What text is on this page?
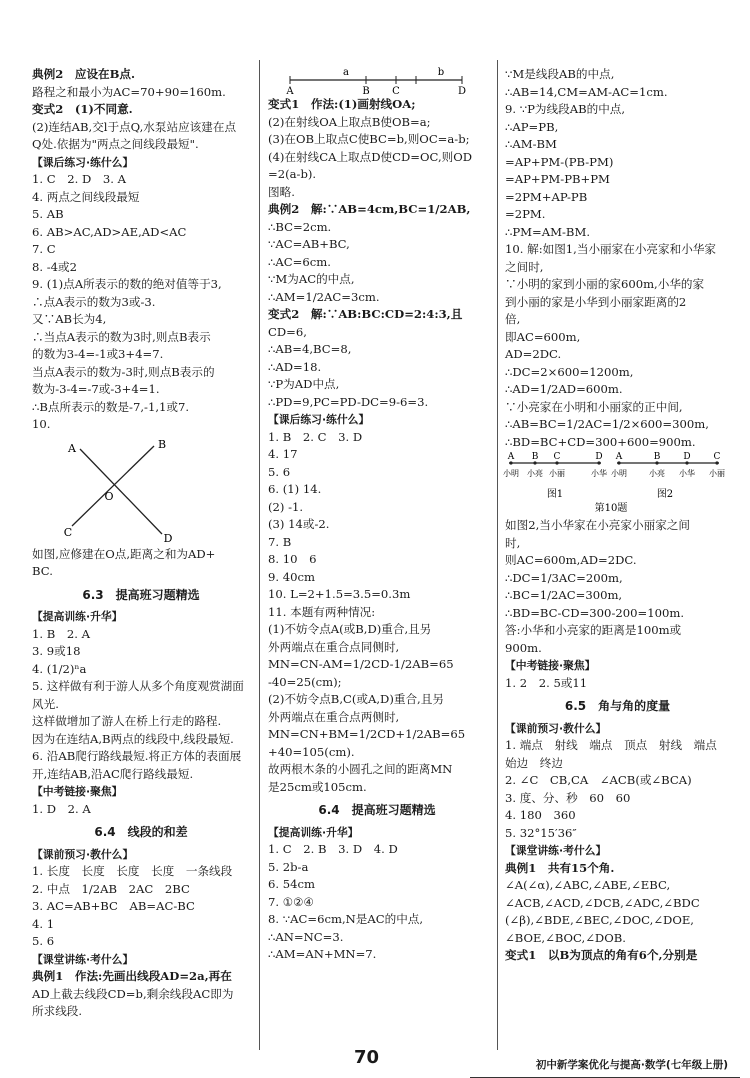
典例2　应设在B点.
路程之和最小为AC=70+90=160m.
变式2　(1)不同意.
(2)连结AB,交l于点Q,水泵站应该建在点
Q处.依据为"两点之间线段最短".
【课后练习·练什么】
1. C　2. D　3. A
4. 两点之间线段最短
5. AB
6. AB>AC,AD>AE,AD<AC
7. C
8. -4或2
9. (1)点A所表示的数的绝对值等于3,
∴点A表示的数为3或-3.
又∵AB长为4,
∴当点A表示的数为3时,则点B表示
的数为3-4=-1或3+4=7.
当点A表示的数为-3时,则点B表示的
数为-3-4=-7或-3+4=1.
∴B点所表示的数是-7,-1,1或7.
10.
A	B
O
C	D
如图,应修建在O点,距离之和为AD+
BC.
6.3　提高班习题精选
【提高训练·升华】
1. B　2. A
3. 9或18
4. (1/2)ⁿa
5. 这样做有利于游人从多个角度观赏湖面
风光.
这样做增加了游人在桥上行走的路程.
因为在连结A,B两点的线段中,线段最短.
6. 沿AB爬行路线最短.将正方体的表面展
开,连结AB,沿AC爬行路线最短.
【中考链接·聚焦】
1. D　2. A
6.4　线段的和差
【课前预习·教什么】
1. 长度　长度　长度　长度　一条线段
2. 中点　1/2AB　2AC　2BC
3. AC=AB+BC　AB=AC-BC
4. 1
5. 6
【课堂讲练·考什么】
典例1　作法:先画出线段AD=2a,再在
AD上截去线段CD=b,剩余线段AC即为
所求线段.
a	b
A	B C	D
变式1　作法:(1)画射线OA;
(2)在射线OA上取点B使OB=a;
(3)在OB上取点C使BC=b,则OC=a-b;
(4)在射线CA上取点D使CD=OC,则OD
=2(a-b).
图略.
典例2　解:∵AB=4cm,BC=1/2AB,
∴BC=2cm.
∵AC=AB+BC,
∴AC=6cm.
∵M为AC的中点,
∴AM=1/2AC=3cm.
变式2　解:∵AB:BC:CD=2:4:3,且
CD=6,
∴AB=4,BC=8,
∴AD=18.
∵P为AD中点,
∴PD=9,PC=PD-DC=9-6=3.
【课后练习·练什么】
1. B　2. C　3. D
4. 17
5. 6
6. (1) 14.
(2) -1.
(3) 14或-2.
7. B
8. 10　6
9. 40cm
10. L=2+1.5=3.5=0.3m
11. 本题有两种情况:
(1)不妨令点A(或B,D)重合,且另
外两端点在重合点同侧时,
MN=CN-AM=1/2CD-1/2AB=65
-40=25(cm);
(2)不妨令点B,C(或A,D)重合,且另
外两端点在重合点两侧时,
MN=CN+BM=1/2CD+1/2AB=65
+40=105(cm).
故两根木条的小圆孔之间的距离MN
是25cm或105cm.
6.4　提高班习题精选
【提高训练·升华】
1. C　2. B　3. D　4. D
5. 2b-a
6. 54cm
7. ①②④
8. ∵AC=6cm,N是AC的中点,
∴AN=NC=3.
∴AM=AN+MN=7.
∵M是线段AB的中点,
∴AB=14,CM=AM-AC=1cm.
9. ∵P为线段AB的中点,
∴AP=PB,
∴AM-BM
=AP+PM-(PB-PM)
=AP+PM-PB+PM
=2PM+AP-PB
=2PM.
∴PM=AM-BM.
10. 解:如图1,当小丽家在小亮家和小华家
之间时,
∵小明的家到小丽的家600m,小华的家
到小丽的家是小华到小丽家距离的2
倍,
即AC=600m,
AD=2DC.
∴DC=2×600=1200m,
∴AD=1/2AD=600m.
∵小亮家在小明和小丽家的正中间,
∴AB=BC=1/2AC=1/2×600=300m,
∴BD=BC+CD=300+600=900m.
A
小明
B
小亮
C
小丽
D
小华
A
小明
B
小亮
D
小华
C
小丽
图1	图2
第10题
如图2,当小华家在小亮家小丽家之间
时,
则AC=600m,AD=2DC.
∴DC=1/3AC=200m,
∴BC=1/2AC=300m,
∴BD=BC-CD=300-200=100m.
答:小华和小亮家的距离是100m或
900m.
【中考链接·聚焦】
1. 2　2. 5或11
6.5　角与角的度量
【课前预习·教什么】
1. 端点　射线　端点　顶点　射线　端点
始边　终边
2. ∠C　CB,CA　∠ACB(或∠BCA)
3. 度、分、秒　60　60
4. 180　360
5. 32°15′36″
【课堂讲练·考什么】
典例1　共有15个角.
∠A(∠α),∠ABC,∠ABE,∠EBC,
∠ACB,∠ACD,∠DCB,∠ADC,∠BDC
(∠β),∠BDE,∠BEC,∠DOC,∠DOE,
∠BOE,∠BOC,∠DOB.
变式1　以B为顶点的角有6个,分别是
70	初中新学案优化与提高·数学(七年级上册)
